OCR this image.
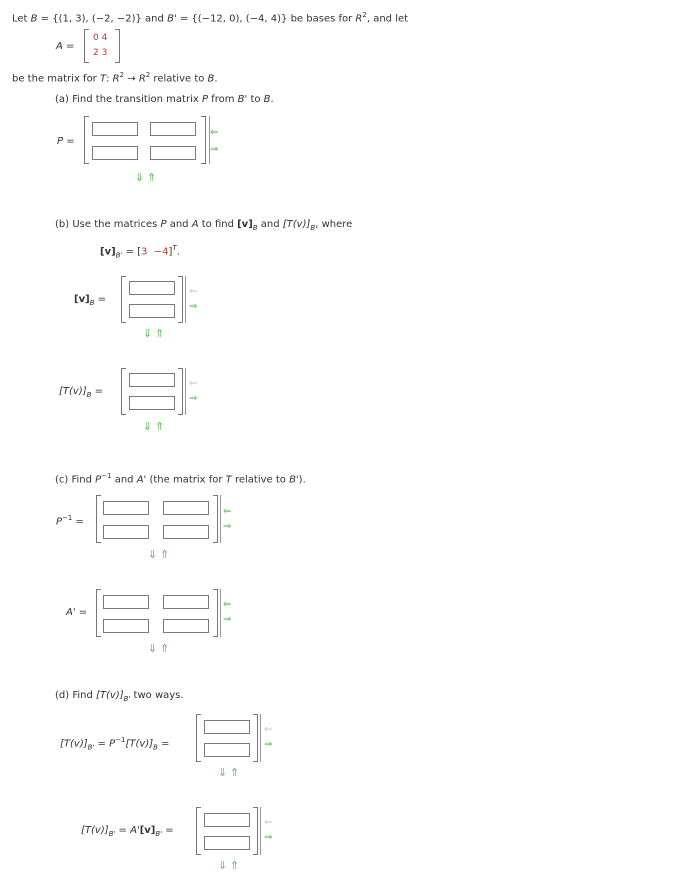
Let B = {(1, 3), (−2, −2)} and B' = {(−12, 0), (−4, 4)} be bases for $R^2$, and let
A =
0 4
2 3
be the matrix for T: $R^2 \to R^2$ relative to B.
(a) Find the transition matrix P from B' to B.
P =
⇐
⇒
⇓ ⇑
(b) Use the matrices P and A to find $[v]_B$ and $[T(v)]_B$, where
$[v]_{B'} = [3 -4]^T$.
$[v]_B$ =
⇐
⇒
⇓ ⇑
$[T(v)]_B$ =
⇐
⇒
⇓ ⇑
(c) Find $P^{-1}$ and A' (the matrix for T relative to B').
$P^{-1}$ =
⇐
⇒
⇓ ⇑
A' =
⇐
⇒
⇓ ⇑
(d) Find $[T(v)]_{B'}$ two ways.
$[T(v)]_{B'} = P^{-1}[T(v)]_B$ =
⇐
⇒
⇓ ⇑
$[T(v)]_{B'} = A'[v]_{B'}$ =
⇐
⇒
⇓ ⇑
